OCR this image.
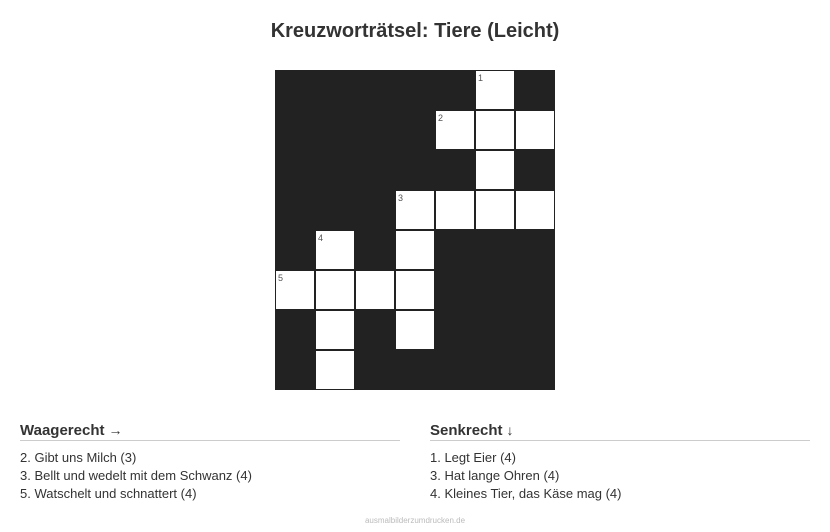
Kreuzworträtsel: Tiere (Leicht)
1
2
3
4
5
Waagerecht →
2. Gibt uns Milch (3)
3. Bellt und wedelt mit dem Schwanz (4)
5. Watschelt und schnattert (4)
Senkrecht ↓
1. Legt Eier (4)
3. Hat lange Ohren (4)
4. Kleines Tier, das Käse mag (4)
ausmalbilderzumdrucken.de
